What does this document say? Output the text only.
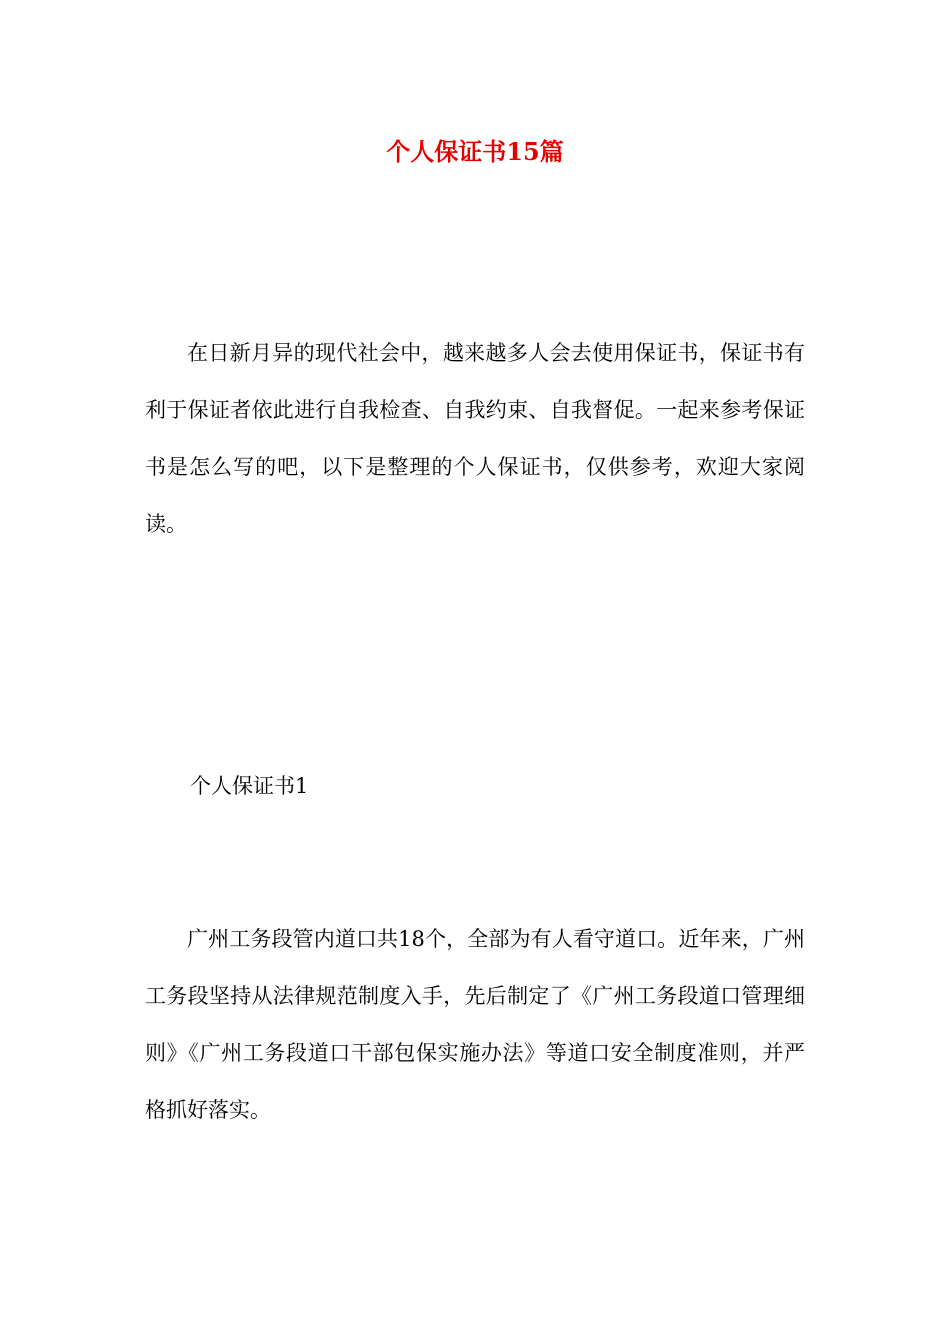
个人保证书15篇

在日新月异的现代社会中，越来越多人会去使用保证书，保证书有利于保证者依此进行自我检查、自我约束、自我督促。一起来参考保证书是怎么写的吧，以下是整理的个人保证书，仅供参考，欢迎大家阅读。

个人保证书1

广州工务段管内道口共18个，全部为有人看守道口。近年来，广州工务段坚持从法律规范制度入手，先后制定了《广州工务段道口管理细则》《广州工务段道口干部包保实施办法》等道口安全制度准则，并严格抓好落实。
